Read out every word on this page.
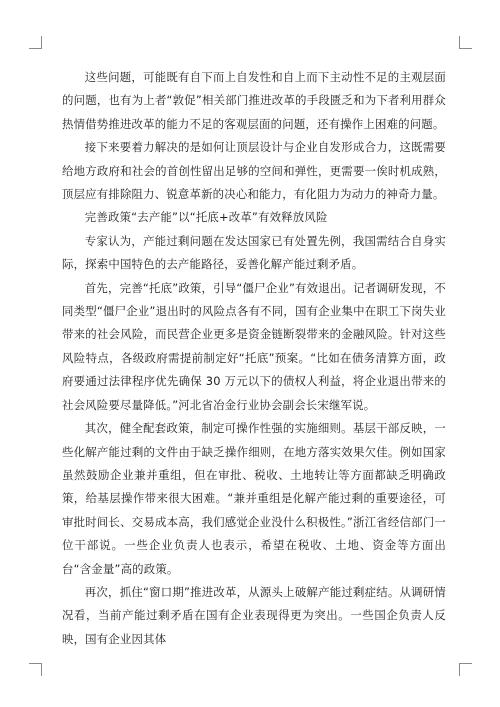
这些问题，可能既有自下而上自发性和自上而下主动性不足的主观层面的问题，也有为上者“敦促”相关部门推进改革的手段匮乏和为下者利用群众热情借势推进改革的能力不足的客观层面的问题，还有操作上困难的问题。

接下来要着力解决的是如何让顶层设计与企业自发形成合力，这既需要给地方政府和社会的首创性留出足够的空间和弹性，更需要一俟时机成熟，顶层应有排除阻力、锐意革新的决心和能力，有化阻力为动力的神奇力量。

完善政策“去产能”以“托底+改革”有效释放风险

专家认为，产能过剩问题在发达国家已有处置先例，我国需结合自身实际，探索中国特色的去产能路径，妥善化解产能过剩矛盾。

首先，完善“托底”政策，引导“僵尸企业”有效退出。记者调研发现，不同类型“僵尸企业”退出时的风险点各有不同，国有企业集中在职工下岗失业带来的社会风险，而民营企业更多是资金链断裂带来的金融风险。针对这些风险特点，各级政府需提前制定好“托底”预案。“比如在债务清算方面，政府要通过法律程序优先确保 30 万元以下的债权人利益，将企业退出带来的社会风险要尽量降低。”河北省冶金行业协会副会长宋继军说。

其次，健全配套政策，制定可操作性强的实施细则。基层干部反映，一些化解产能过剩的文件由于缺乏操作细则，在地方落实效果欠佳。例如国家虽然鼓励企业兼并重组，但在审批、税收、土地转让等方面都缺乏明确政策，给基层操作带来很大困难。“兼并重组是化解产能过剩的重要途径，可审批时间长、交易成本高，我们感觉企业没什么积极性。”浙江省经信部门一位干部说。一些企业负责人也表示，希望在税收、土地、资金等方面出台“含金量”高的政策。

再次，抓住“窗口期”推进改革，从源头上破解产能过剩症结。从调研情况看，当前产能过剩矛盾在国有企业表现得更为突出。一些国企负责人反映，国有企业因其体
